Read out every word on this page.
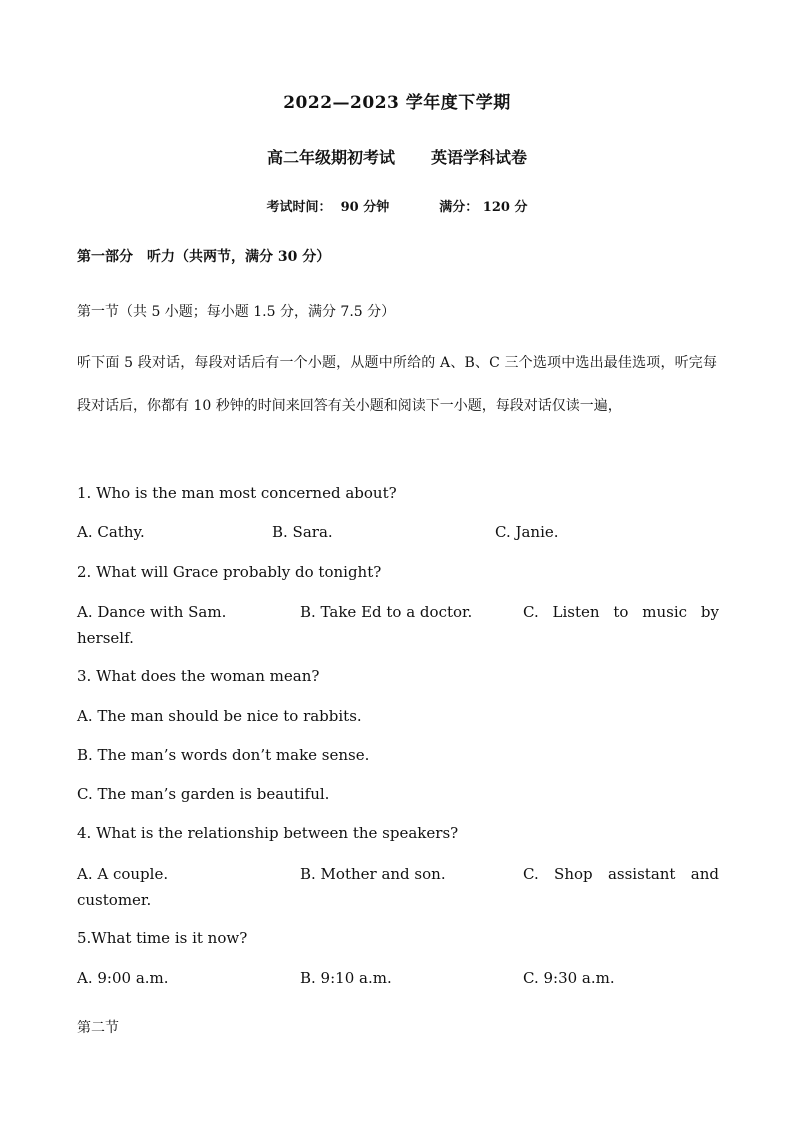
2022—2023 学年度下学期
高二年级期初考试 英语学科试卷
考试时间： 90 分钟	满分： 120 分
第一部分　听力（共两节，满分 30 分）
第一节（共 5 小题；每小题 1.5 分，满分 7.5 分）
听下面 5 段对话，每段对话后有一个小题，从题中所给的 A、B、C 三个选项中选出最佳选项，听完每段对话后，你都有 10 秒钟的时间来回答有关小题和阅读下一小题，每段对话仅读一遍，
1. Who is the man most concerned about?
A. Cathy.	B. Sara.	C. Janie.
2. What will Grace probably do tonight?
A. Dance with Sam.	B. Take Ed to a doctor.	C. Listen to music by
herself.
3. What does the woman mean?
A. The man should be nice to rabbits.
B. The man’s words don’t make sense.
C. The man’s garden is beautiful.
4. What is the relationship between the speakers?
A. A couple.	B. Mother and son.	C. Shop assistant and
customer.
5.What time is it now?
A. 9:00 a.m.	B. 9:10 a.m.	C. 9:30 a.m.
第二节
